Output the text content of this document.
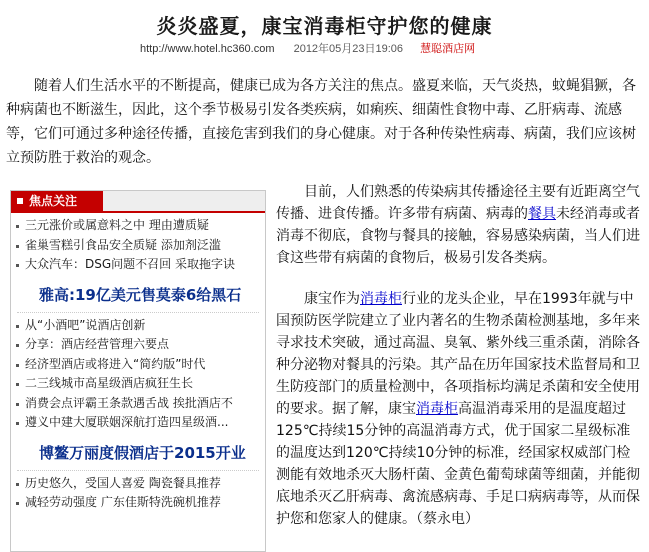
炎炎盛夏，康宝消毒柜守护您的健康
http://www.hotel.hc360.com 2012年05月23日19:06 慧聪酒店网

随着人们生活水平的不断提高，健康已成为各方关注的焦点。盛夏来临，天气炎热，蚊蝇猖獗，各种病菌也不断滋生，因此，这个季节极易引发各类疾病，如痢疾、细菌性食物中毒、乙肝病毒、流感等，它们可通过多种途径传播，直接危害到我们的身心健康。对于各种传染性病毒、病菌，我们应该树立预防胜于救治的观念。

焦点关注
三元涨价或属意料之中 理由遭质疑
雀巢雪糕引食品安全质疑 添加剂泛滥
大众汽车：DSG问题不召回 采取拖字诀
雅高:19亿美元售莫泰6给黑石
从“小酒吧”说酒店创新
分享：酒店经营管理六要点
经济型酒店或将进入“简约版”时代
二三线城市高星级酒店疯狂生长
消费会点评霸王条款遇舌战 挨批酒店不
遵义中建大厦联姻深航打造四星级酒...
博鳌万丽度假酒店于2015开业
历史悠久，受国人喜爱 陶瓷餐具推荐
减轻劳动强度 广东佳斯特洗碗机推荐

目前，人们熟悉的传染病其传播途径主要有近距离空气传播、进食传播。许多带有病菌、病毒的餐具未经消毒或者消毒不彻底，食物与餐具的接触，容易感染病菌，当人们进食这些带有病菌的食物后，极易引发各类病。

康宝作为消毒柜行业的龙头企业，早在1993年就与中国预防医学院建立了业内著名的生物杀菌检测基地，多年来寻求技术突破，通过高温、臭氧、紫外线三重杀菌，消除各种分泌物对餐具的污染。其产品在历年国家技术监督局和卫生防疫部门的质量检测中，各项指标均满足杀菌和安全使用的要求。据了解，康宝消毒柜高温消毒采用的是温度超过125℃持续15分钟的高温消毒方式，优于国家二星级标准的温度达到120℃持续10分钟的标准，经国家权威部门检测能有效地杀灭大肠杆菌、金黄色葡萄球菌等细菌，并能彻底地杀灭乙肝病毒、禽流感病毒、手足口病病毒等，从而保护您和您家人的健康。（蔡永电）
